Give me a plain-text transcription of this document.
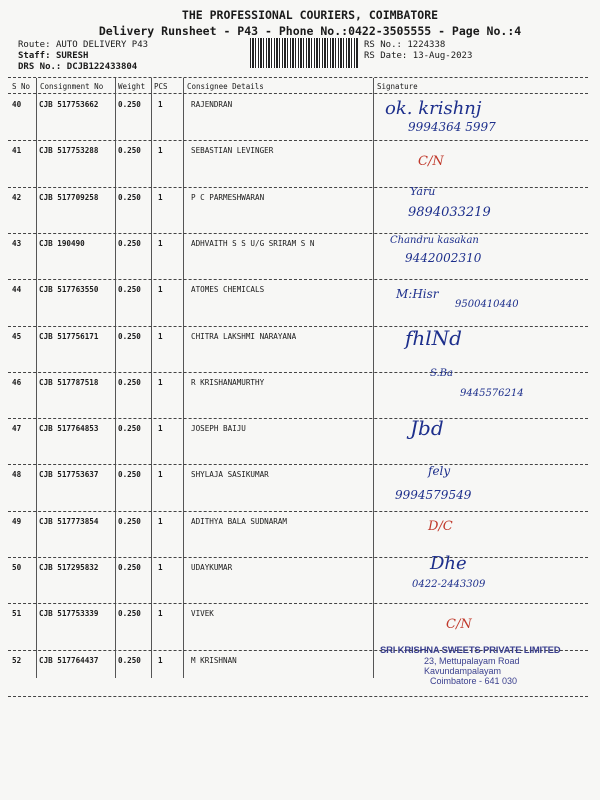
THE PROFESSIONAL COURIERS, COIMBATORE
Delivery Runsheet - P43 - Phone No.:0422-3505555 - Page No.:4
Route: AUTO DELIVERY P43
Staff: SURESH
DRS No.: DCJB122433804
RS No.: 1224338
RS Date: 13-Aug-2023
S No Consignment No Weight PCS	Consignee Details	Signature
40 CJB 517753662	0.250 1	RAJENDRAN	ok. krishnj
9994364 5997
41 CJB 517753288	0.250 1	SEBASTIAN LEVINGER
C/N
42 CJB 517709258	0.250 1	P C PARMESHWARAN	Yaru
9894033219
43 CJB 190490	0.250 1	ADHVAITH S S U/G SRIRAM S N	Chandru kasakan
9442002310
44 CJB 517763550	0.250 1	ATOMES CHEMICALS	M:Hisr
9500410440
45 CJB 517756171	0.250 1	CHITRA LAKSHMI NARAYANA	fhlNd
46 CJB 517787518	0.250 1	R KRISHANAMURTHY
S.Ba
9445576214
47 CJB 517764853	0.250 1	JOSEPH BAIJU	Jbd
48 CJB 517753637	0.250 1	SHYLAJA SASIKUMAR	fely
9994579549
49 CJB 517773854	0.250 1	ADITHYA BALA SUDNARAM	D/C
50 CJB 517295832	0.250 1	UDAYKUMAR	Dhe
0422-2443309
51 CJB 517753339	0.250 1	VIVEK
C/N
52 CJB 517764437	0.250 1	M KRISHNAN
SRI KRISHNA SWEETS PRIVATE LIMITED
23, Mettupalayam Road
Kavundampalayam
Coimbatore - 641 030
